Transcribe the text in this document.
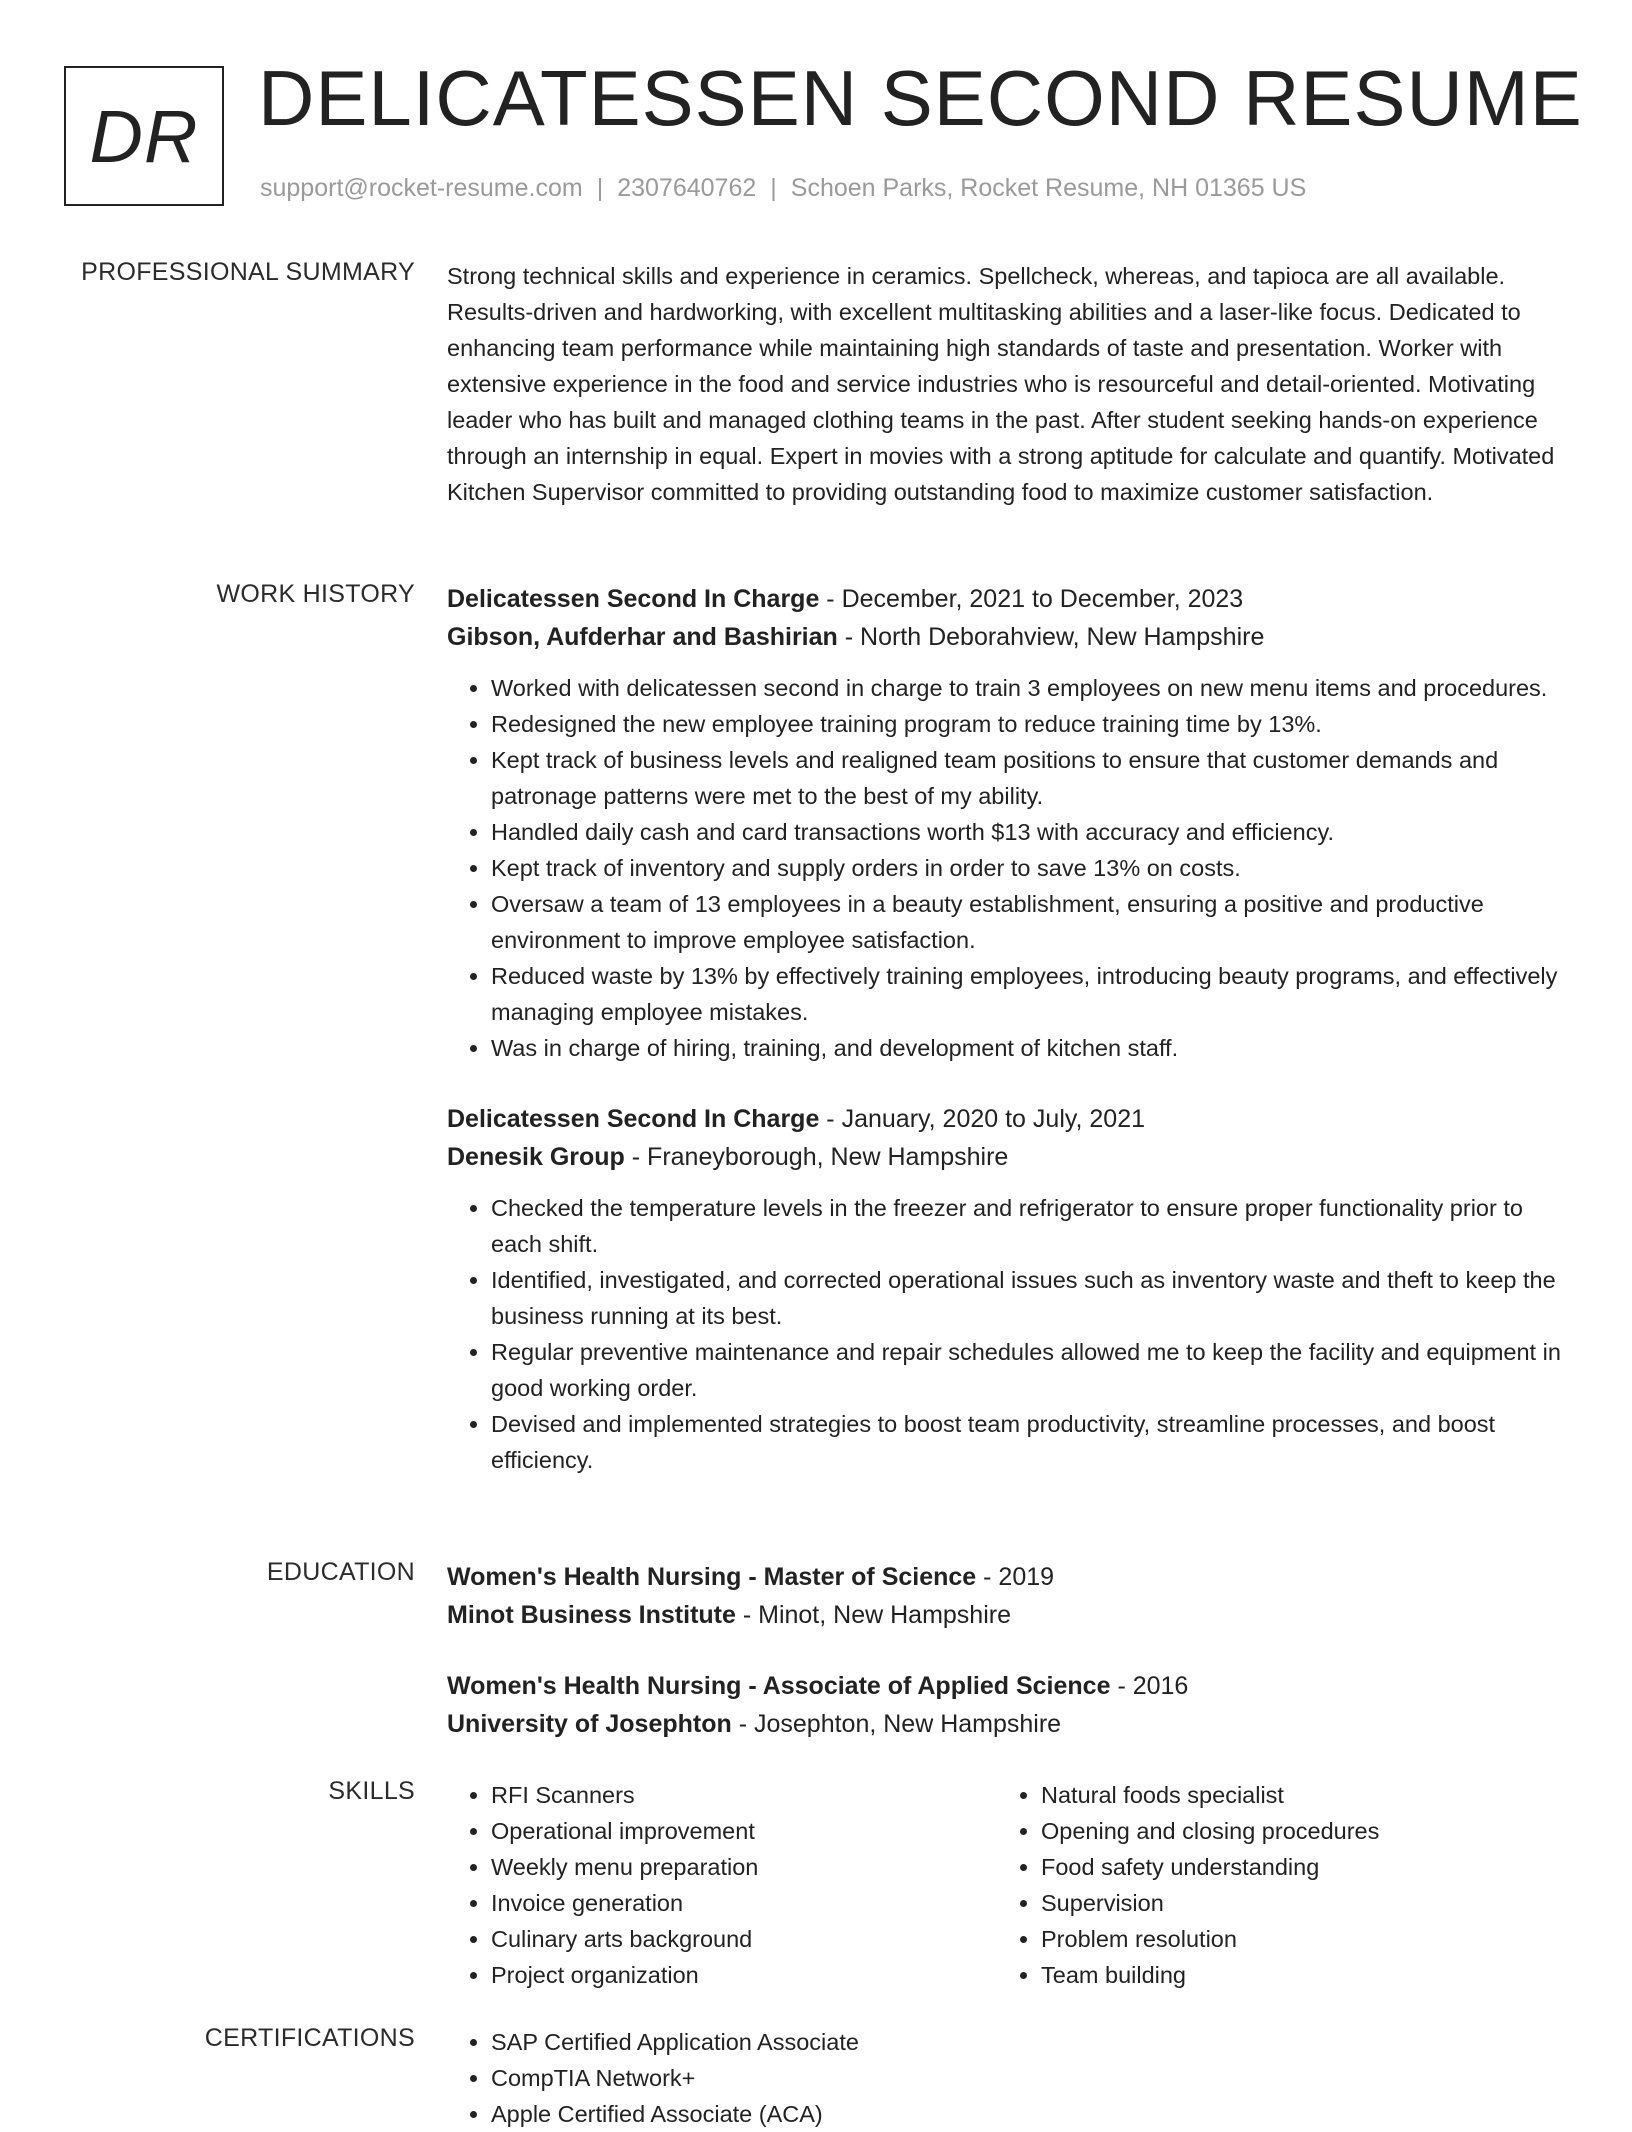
DR DELICATESSEN SECOND RESUME
support@rocket-resume.com | 2307640762 | Schoen Parks, Rocket Resume, NH 01365 US
PROFESSIONAL SUMMARY Strong technical skills and experience in ceramics. Spellcheck, whereas, and tapioca are all available. Results-driven and hardworking, with excellent multitasking abilities and a laser-like focus. Dedicated to enhancing team performance while maintaining high standards of taste and presentation. Worker with extensive experience in the food and service industries who is resourceful and detail-oriented. Motivating leader who has built and managed clothing teams in the past. After student seeking hands-on experience through an internship in equal. Expert in movies with a strong aptitude for calculate and quantify. Motivated Kitchen Supervisor committed to providing outstanding food to maximize customer satisfaction.

WORK HISTORY Delicatessen Second In Charge - December, 2021 to December, 2023
Gibson, Aufderhar and Bashirian - North Deborahview, New Hampshire
• Worked with delicatessen second in charge to train 3 employees on new menu items and procedures.
• Redesigned the new employee training program to reduce training time by 13%.
• Kept track of business levels and realigned team positions to ensure that customer demands and patronage patterns were met to the best of my ability.
• Handled daily cash and card transactions worth $13 with accuracy and efficiency.
• Kept track of inventory and supply orders in order to save 13% on costs.
• Oversaw a team of 13 employees in a beauty establishment, ensuring a positive and productive environment to improve employee satisfaction.
• Reduced waste by 13% by effectively training employees, introducing beauty programs, and effectively managing employee mistakes.
• Was in charge of hiring, training, and development of kitchen staff.
Delicatessen Second In Charge - January, 2020 to July, 2021
Denesik Group - Franeyborough, New Hampshire
• Checked the temperature levels in the freezer and refrigerator to ensure proper functionality prior to each shift.
• Identified, investigated, and corrected operational issues such as inventory waste and theft to keep the business running at its best.
• Regular preventive maintenance and repair schedules allowed me to keep the facility and equipment in good working order.
• Devised and implemented strategies to boost team productivity, streamline processes, and boost efficiency.
EDUCATION Women's Health Nursing - Master of Science - 2019
Minot Business Institute - Minot, New Hampshire
Women's Health Nursing - Associate of Applied Science - 2016
University of Josephton - Josephton, New Hampshire
SKILLS	• RFI Scanners
• Operational improvement
• Weekly menu preparation
• Invoice generation
• Culinary arts background
• Project organization
• Natural foods specialist
• Opening and closing procedures
• Food safety understanding
• Supervision
• Problem resolution
• Team building
CERTIFICATIONS	• SAP Certified Application Associate
• CompTIA Network+
• Apple Certified Associate (ACA)
